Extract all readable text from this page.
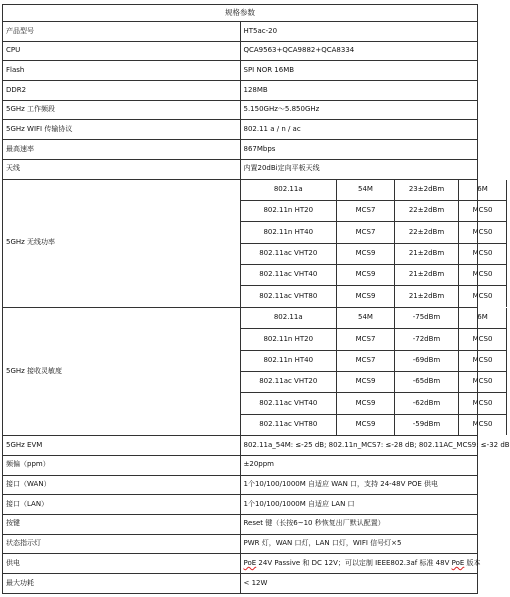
规格参数
产品型号	HT5ac-20
CPU	QCA9563+QCA9882+QCA8334
Flash	SPI NOR 16MB
DDR2	128MB
5GHz 工作频段	5.150GHz～5.850GHz
5GHz WIFI 传输协议	802.11 a / n / ac
最高速率	867Mbps
天线	内置20dBi定向平板天线
5GHz 无线功率	
802.11a	54M	23±2dBm	6M	
802.11n HT20	MCS7	22±2dBm	MCS0	
802.11n HT40	MCS7	22±2dBm	MCS0	
802.11ac VHT20	MCS9	21±2dBm	MCS0	
802.11ac VHT40	MCS9	21±2dBm	MCS0	
802.11ac VHT80	MCS9	21±2dBm	MCS0	

5GHz 接收灵敏度	
802.11a	54M	-75dBm	6M	
802.11n HT20	MCS7	-72dBm	MCS0	
802.11n HT40	MCS7	-69dBm	MCS0	
802.11ac VHT20	MCS9	-65dBm	MCS0	
802.11ac VHT40	MCS9	-62dBm	MCS0	
802.11ac VHT80	MCS9	-59dBm	MCS0	

5GHz EVM	802.11a_54M: ≤-25 dB; 802.11n_MCS7: ≤-28 dB; 802.11AC_MCS9: ≤-32 dB
频偏（ppm）	±20ppm
接口（WAN）	1个10/100/1000M 自适应 WAN 口，支持 24-48V POE 供电
接口（LAN）	1个10/100/1000M 自适应 LAN 口
按键	Reset 键（长按6~10 秒恢复出厂默认配置）
状态指示灯	PWR 灯，WAN 口灯，LAN 口灯，WIFI 信号灯×5
供电	PoE 24V Passive 和 DC 12V；可以定制 IEEE802.3af 标准 48V PoE 版本
最大功耗	< 12W
